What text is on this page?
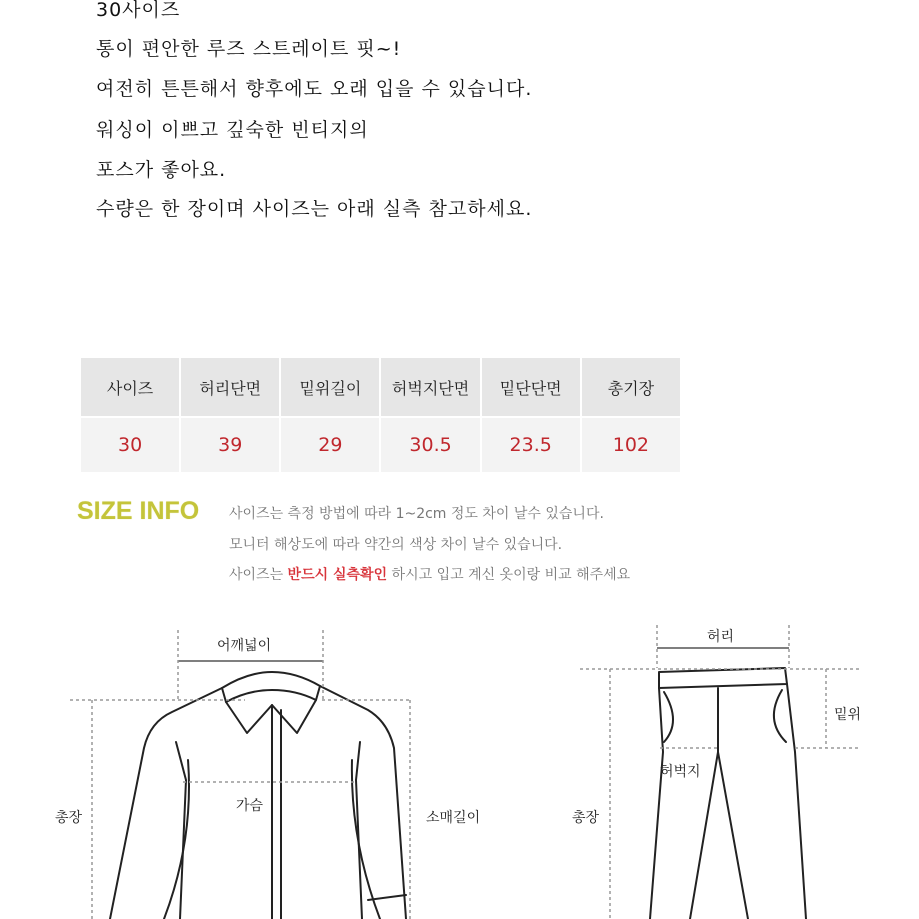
30사이즈
통이 편안한 루즈 스트레이트 핏~!
여전히 튼튼해서 향후에도 오래 입을 수 있습니다.
워싱이 이쁘고 깊숙한 빈티지의
포스가 좋아요.
수량은 한 장이며 사이즈는 아래 실측 참고하세요.
사이즈	허리단면	밑위길이	허벅지단면	밑단단면	총기장
30	39	29	30.5	23.5	102
SIZE INFO 사이즈는 측정 방법에 따라 1~2cm 정도 차이 날수 있습니다.
모니터 해상도에 따라 약간의 색상 차이 날수 있습니다.
사이즈는 반드시 실측확인 하시고 입고 계신 옷이랑 비교 해주세요
어깨넓이
가슴
총장	소매길이
허리
밑위
허벅지
총장
